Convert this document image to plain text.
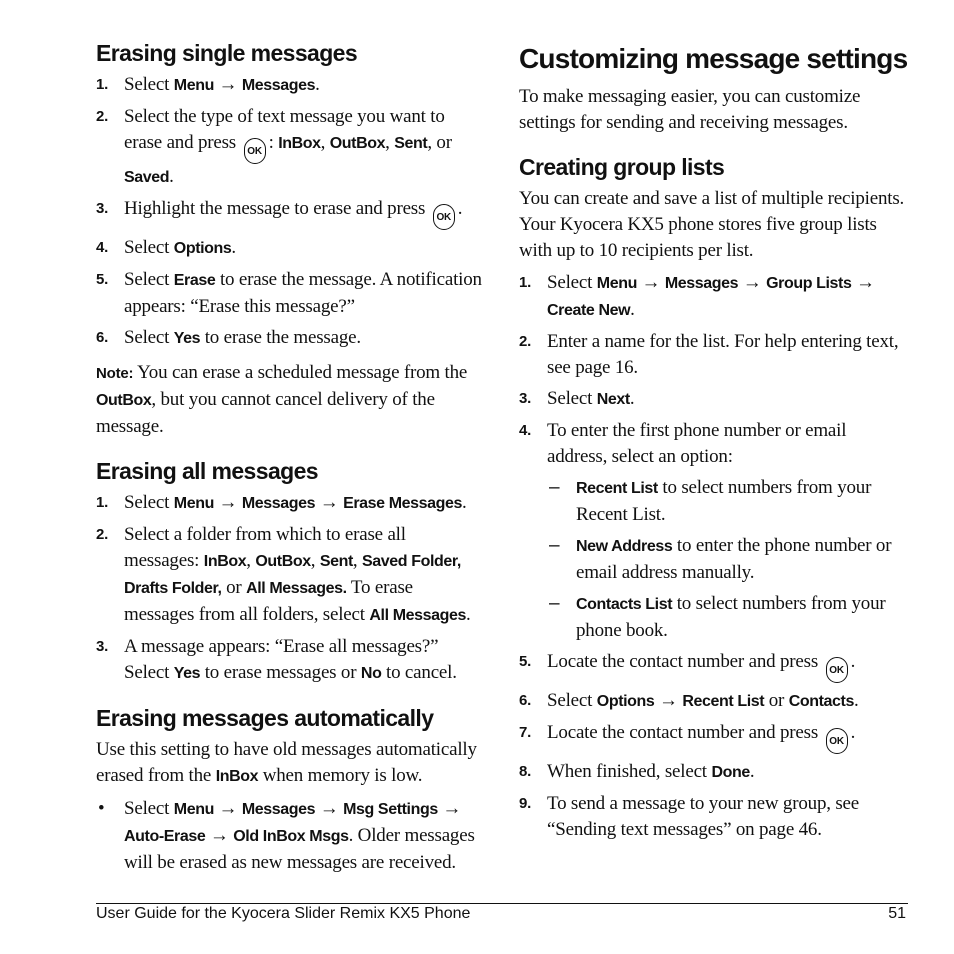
Erasing single messages
1. Select Menu → Messages.
2. Select the type of text message you want to erase and press OK : InBox, OutBox, Sent, or Saved.
3. Highlight the message to erase and press OK .
4. Select Options.
5. Select Erase to erase the message. A notification appears: “Erase this message?”
6. Select Yes to erase the message.
Note: You can erase a scheduled message from the OutBox, but you cannot cancel delivery of the message.
Erasing all messages
1. Select Menu → Messages → Erase Messages.
2. Select a folder from which to erase all messages: InBox, OutBox, Sent, Saved Folder, Drafts Folder, or All Messages. To erase messages from all folders, select All Messages.
3. A message appears: “Erase all messages?” Select Yes to erase messages or No to cancel.
Erasing messages automatically

Use this setting to have old messages automatically erased from the InBox when memory is low.

• Select Menu → Messages → Msg Settings → Auto-Erase → Old InBox Msgs. Older messages will be erased as new messages are received.
Customizing message settings

To make messaging easier, you can customize settings for sending and receiving messages.

Creating group lists

You can create and save a list of multiple recipients. Your Kyocera KX5 phone stores five group lists with up to 10 recipients per list.

1. Select Menu → Messages → Group Lists → Create New.
2. Enter a name for the list. For help entering text, see page 16.
3. Select Next.
4. To enter the first phone number or email address, select an option:
– Recent List to select numbers from your Recent List.
– New Address to enter the phone number or email address manually.
– Contacts List to select numbers from your phone book.
5. Locate the contact number and press OK .
6. Select Options → Recent List or Contacts.
7. Locate the contact number and press OK .
8. When finished, select Done.
9. To send a message to your new group, see “Sending text messages” on page 46.
User Guide for the Kyocera Slider Remix KX5 Phone	51
